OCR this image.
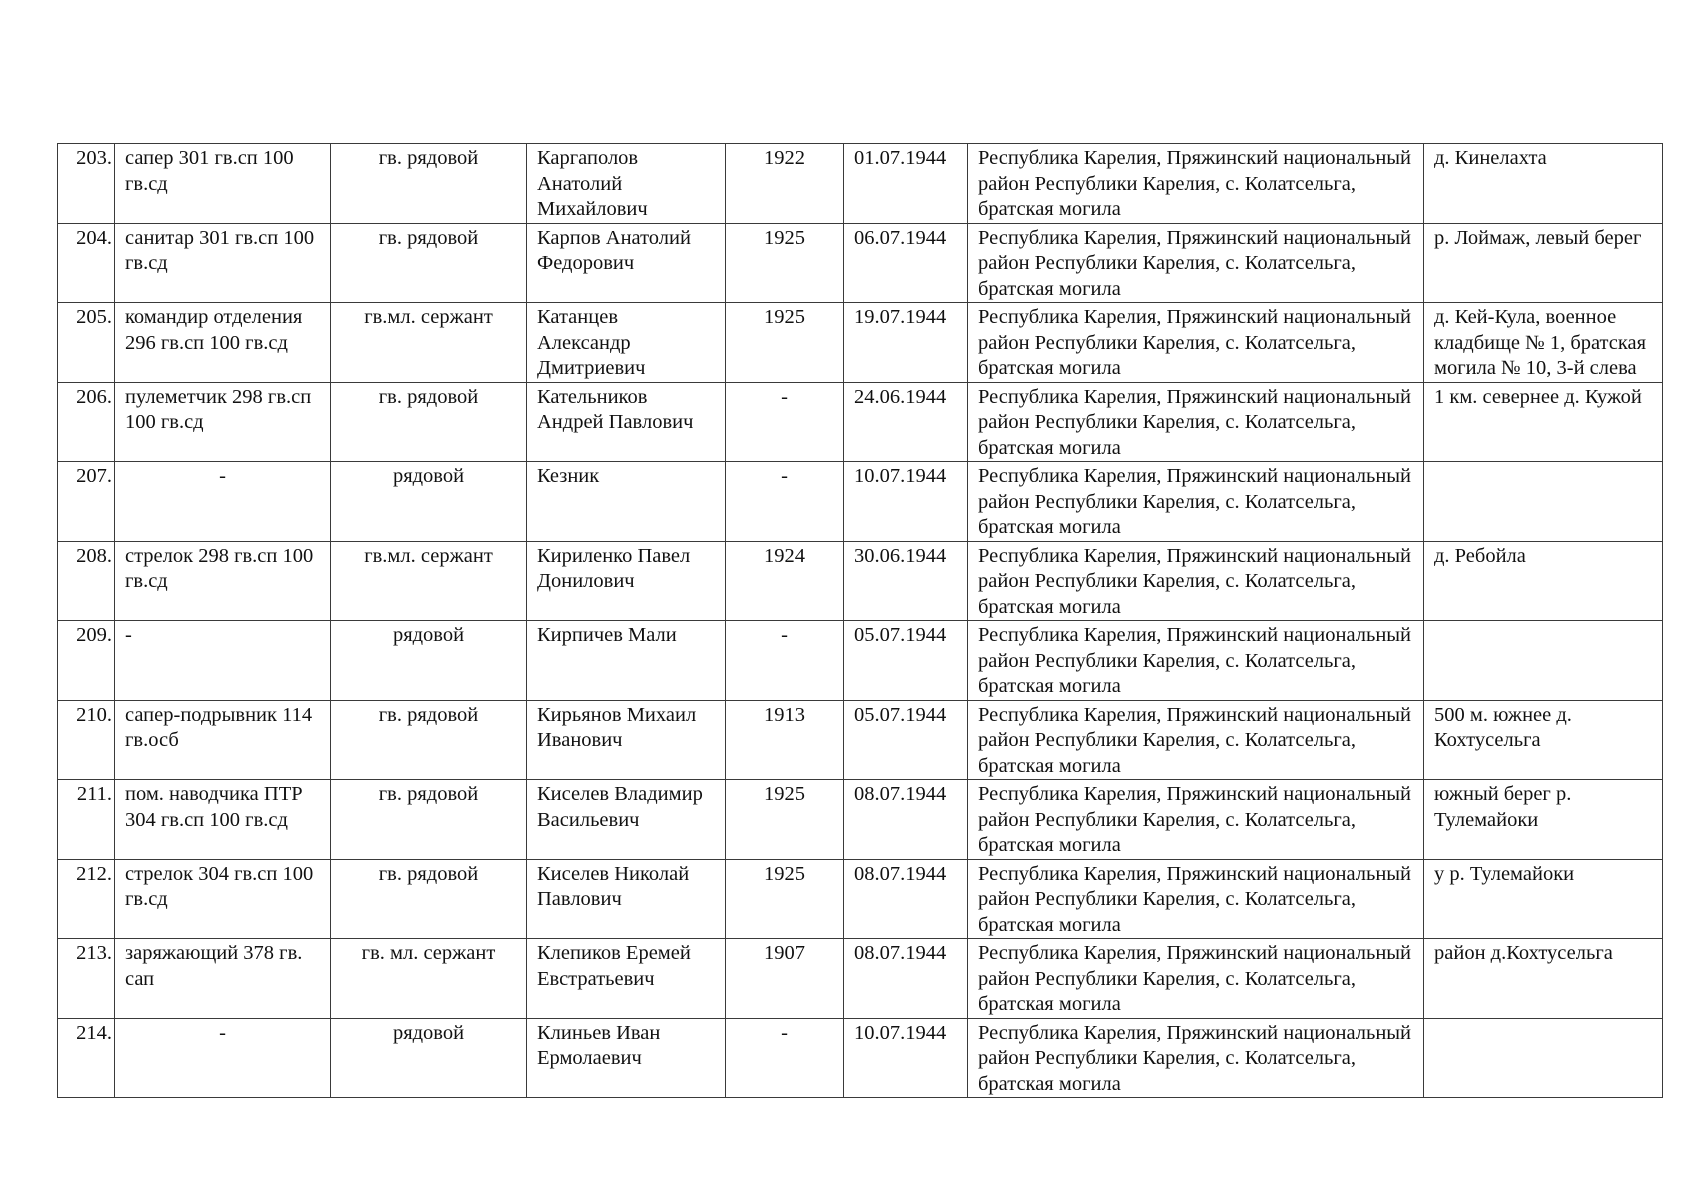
203.	сапер 301 гв.сп 100 гв.сд	гв. рядовой	Каргаполов Анатолий Михайлович	1922	01.07.1944	Республика Карелия, Пряжинский национальный район Республики Карелия, с. Колатсельга, братская могила	д. Кинелахта
204.	санитар 301 гв.сп 100 гв.сд	гв. рядовой	Карпов Анатолий Федорович	1925	06.07.1944	Республика Карелия, Пряжинский национальный район Республики Карелия, с. Колатсельга, братская могила	р. Лоймаж, левый берег
205.	командир отделения 296 гв.сп 100 гв.сд	гв.мл. сержант	Катанцев Александр Дмитриевич	1925	19.07.1944	Республика Карелия, Пряжинский национальный район Республики Карелия, с. Колатсельга, братская могила	д. Кей-Кула, военное кладбище № 1, братская могила № 10, 3-й слева
206.	пулеметчик 298 гв.сп 100 гв.сд	гв. рядовой	Кательников Андрей Павлович	-	24.06.1944	Республика Карелия, Пряжинский национальный район Республики Карелия, с. Колатсельга, братская могила	1 км. севернее д. Кужой
207.	-	рядовой	Кезник	-	10.07.1944	Республика Карелия, Пряжинский национальный район Республики Карелия, с. Колатсельга, братская могила	
208.	стрелок 298 гв.сп 100 гв.сд	гв.мл. сержант	Кириленко Павел Донилович	1924	30.06.1944	Республика Карелия, Пряжинский национальный район Республики Карелия, с. Колатсельга, братская могила	д. Ребойла
209.	-	рядовой	Кирпичев Мали	-	05.07.1944	Республика Карелия, Пряжинский национальный район Республики Карелия, с. Колатсельга, братская могила	
210.	сапер-подрывник 114 гв.осб	гв. рядовой	Кирьянов Михаил Иванович	1913	05.07.1944	Республика Карелия, Пряжинский национальный район Республики Карелия, с. Колатсельга, братская могила	500 м. южнее д. Кохтусельга
211.	пом. наводчика ПТР 304 гв.сп 100 гв.сд	гв. рядовой	Киселев Владимир Васильевич	1925	08.07.1944	Республика Карелия, Пряжинский национальный район Республики Карелия, с. Колатсельга, братская могила	южный берег р. Тулемайоки
212.	стрелок 304 гв.сп 100 гв.сд	гв. рядовой	Киселев Николай Павлович	1925	08.07.1944	Республика Карелия, Пряжинский национальный район Республики Карелия, с. Колатсельга, братская могила	у р. Тулемайоки
213.	заряжающий 378 гв. сап	гв. мл. сержант	Клепиков Еремей Евстратьевич	1907	08.07.1944	Республика Карелия, Пряжинский национальный район Республики Карелия, с. Колатсельга, братская могила	район д.Кохтусельга
214.	-	рядовой	Клиньев Иван Ермолаевич	-	10.07.1944	Республика Карелия, Пряжинский национальный район Республики Карелия, с. Колатсельга, братская могила	
